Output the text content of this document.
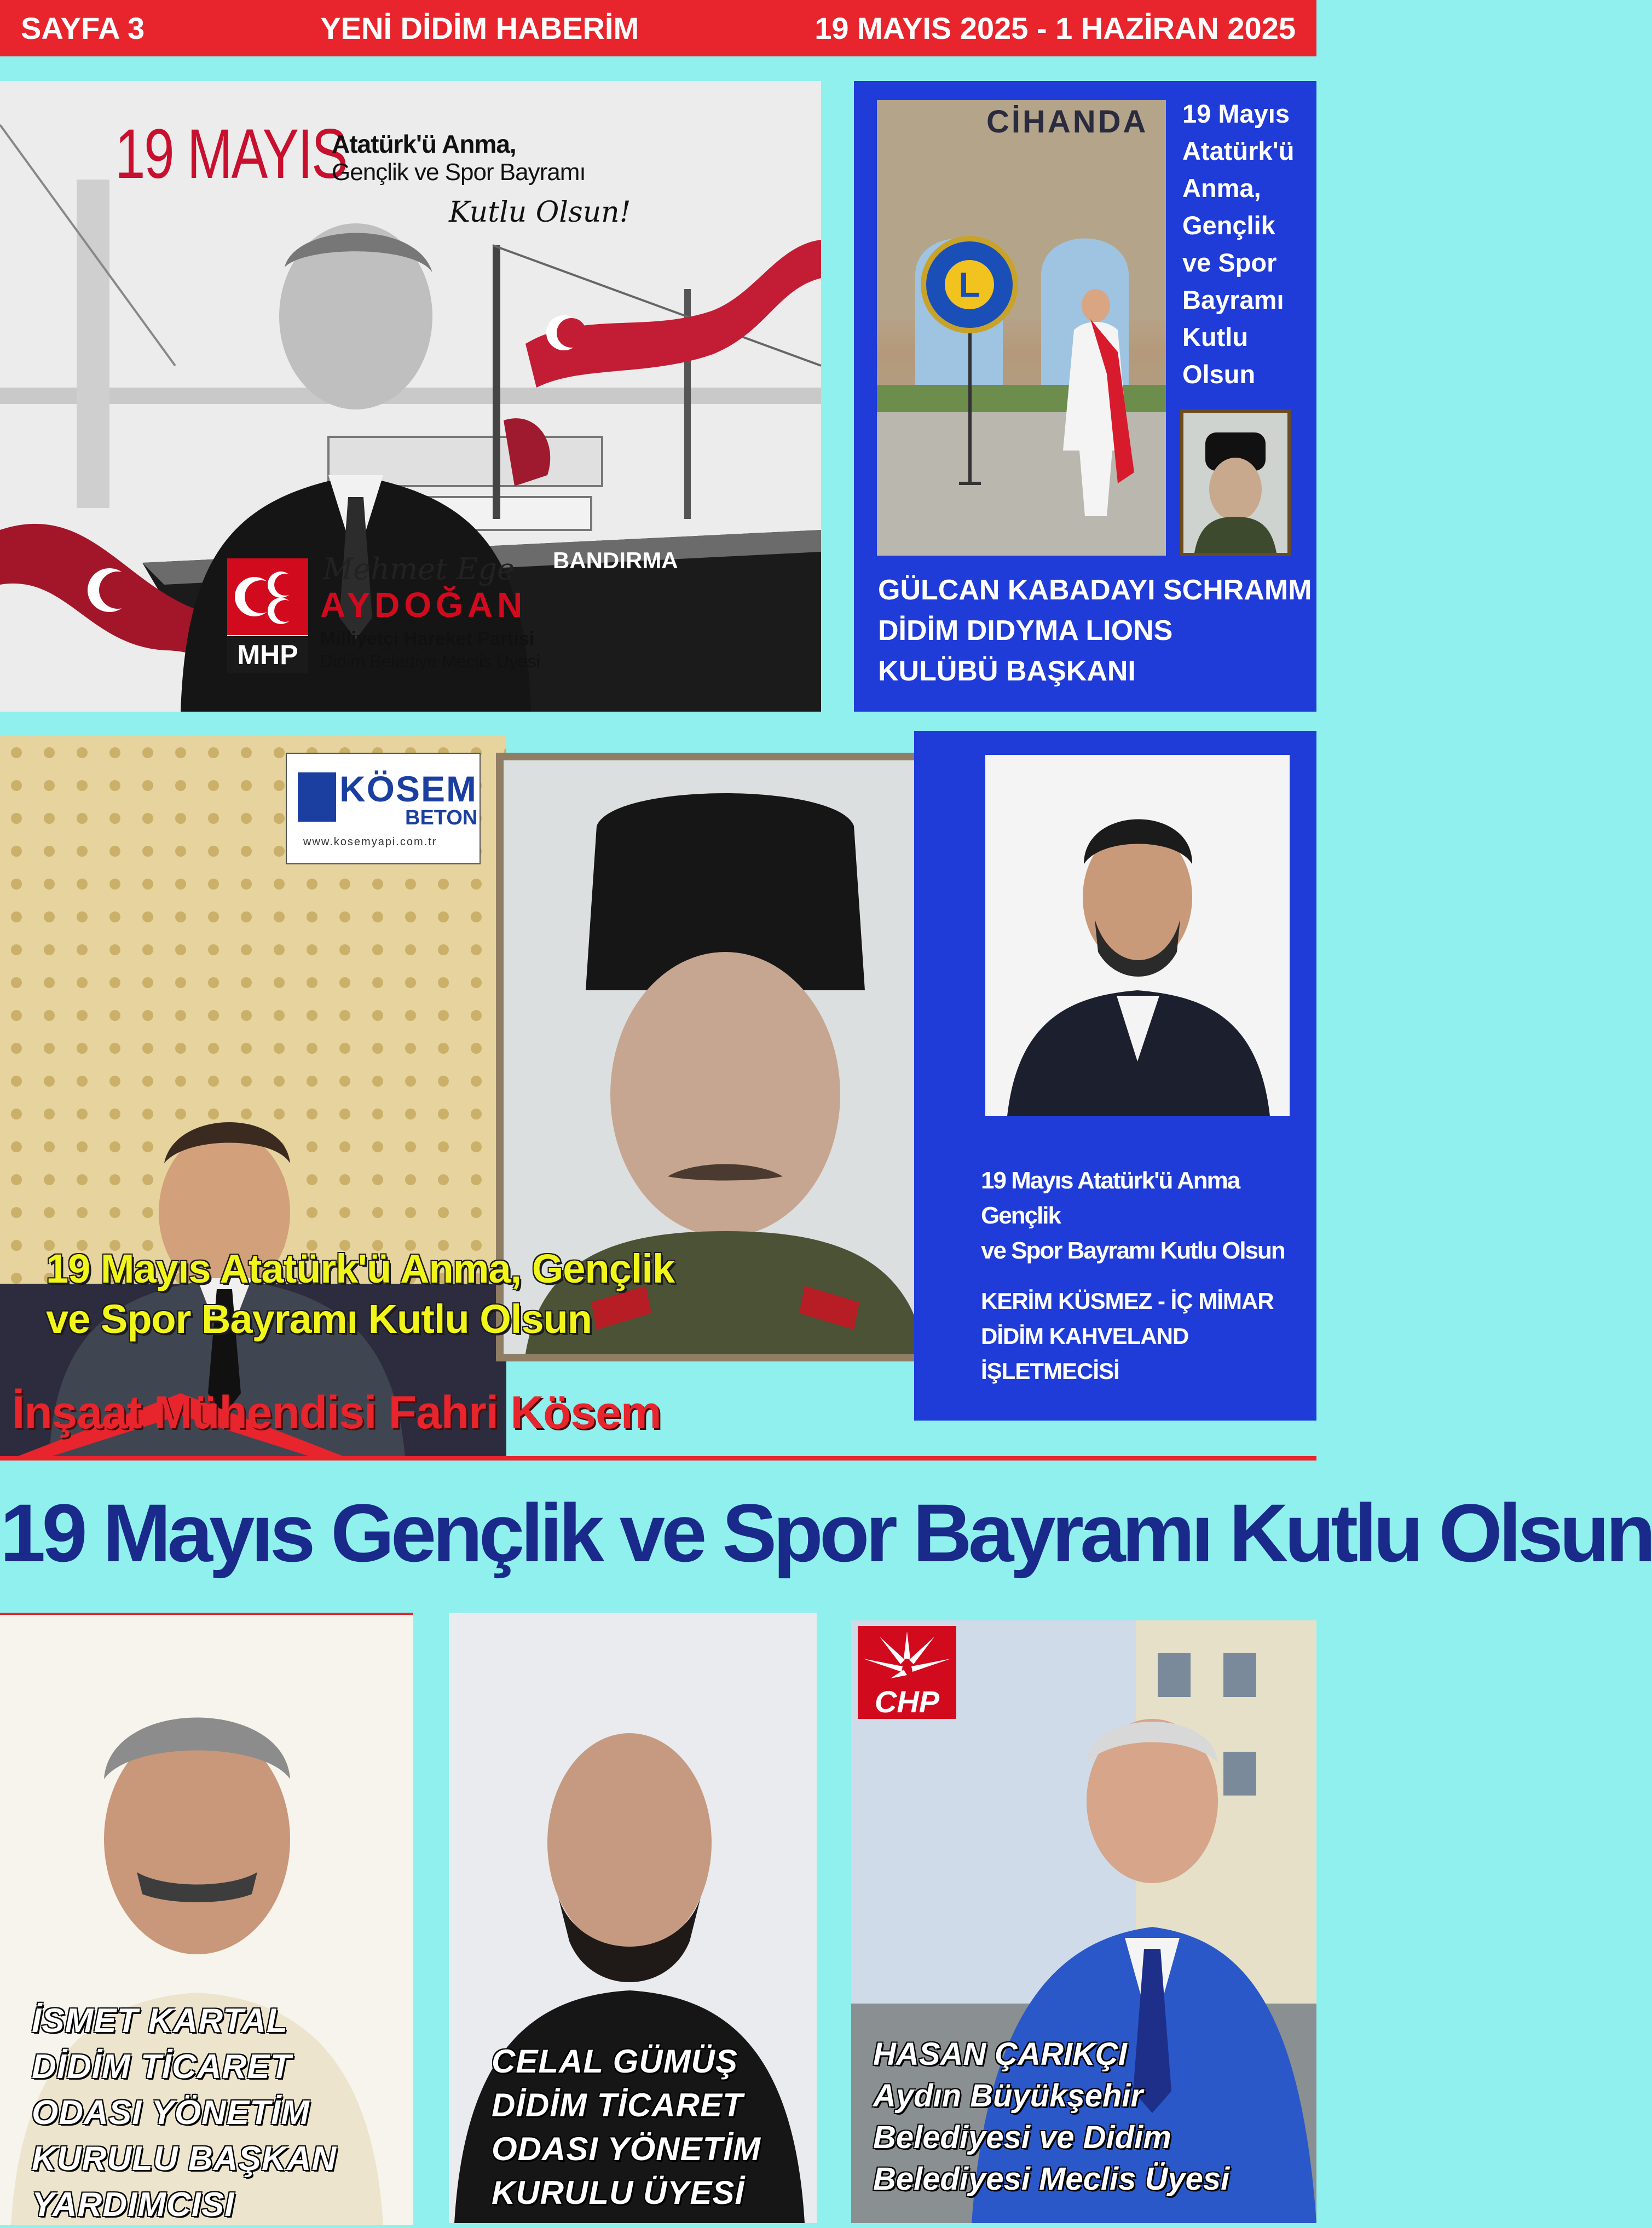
SAYFA 3	YENİ DİDİM HABERİM	19 MAYIS 2025 - 1 HAZİRAN 2025
BANDIRMA
19 MAYIS
Atatürk'ü Anma,
Gençlik ve Spor Bayramı
Kutlu Olsun!
MHP
Mehmet Ege
AYDOĞAN
Milliyetçi Hareket Partisi
Didim Belediye Meclis Üyesi
CİHANDA
L
19 Mayıs
Atatürk'ü
Anma,
Gençlik
ve Spor
Bayramı
Kutlu
Olsun
GÜLCAN KABADAYI SCHRAMM
DİDİM DIDYMA LIONS
KULÜBÜ BAŞKANI
KÖSEM
BETON
www.kosemyapi.com.tr
19 Mayıs Atatürk'ü Anma, Gençlik
ve Spor Bayramı Kutlu Olsun
İnşaat Mühendisi Fahri Kösem
19 Mayıs Atatürk'ü Anma Gençlik
ve Spor Bayramı Kutlu Olsun
KERİM KÜSMEZ - İÇ MİMAR
DİDİM KAHVELAND İŞLETMECİSİ
19 Mayıs Gençlik ve Spor Bayramı Kutlu Olsun
İSMET KARTAL
DİDİM TİCARET
ODASI YÖNETİM
KURULU BAŞKAN
YARDIMCISI
CELAL GÜMÜŞ
DİDİM TİCARET
ODASI YÖNETİM
KURULU ÜYESİ
CHP
HASAN ÇARIKÇI
Aydın Büyükşehir
Belediyesi ve Didim
Belediyesi Meclis Üyesi
